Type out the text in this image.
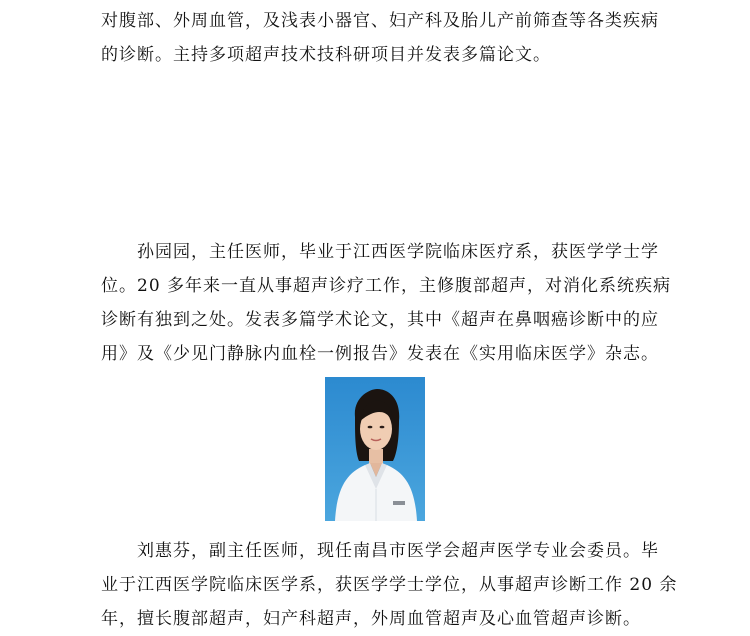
对腹部、外周血管，及浅表小器官、妇产科及胎儿产前筛查等各类疾病
的诊断。主持多项超声技术技科研项目并发表多篇论文。

　　孙园园，主任医师，毕业于江西医学院临床医疗系，获医学学士学
位。20 多年来一直从事超声诊疗工作，主修腹部超声，对消化系统疾病
诊断有独到之处。发表多篇学术论文，其中《超声在鼻咽癌诊断中的应
用》及《少见门静脉内血栓一例报告》发表在《实用临床医学》杂志。

　　刘惠芬，副主任医师，现任南昌市医学会超声医学专业会委员。毕
业于江西医学院临床医学系，获医学学士学位，从事超声诊断工作 20 余
年，擅长腹部超声，妇产科超声，外周血管超声及心血管超声诊断。
